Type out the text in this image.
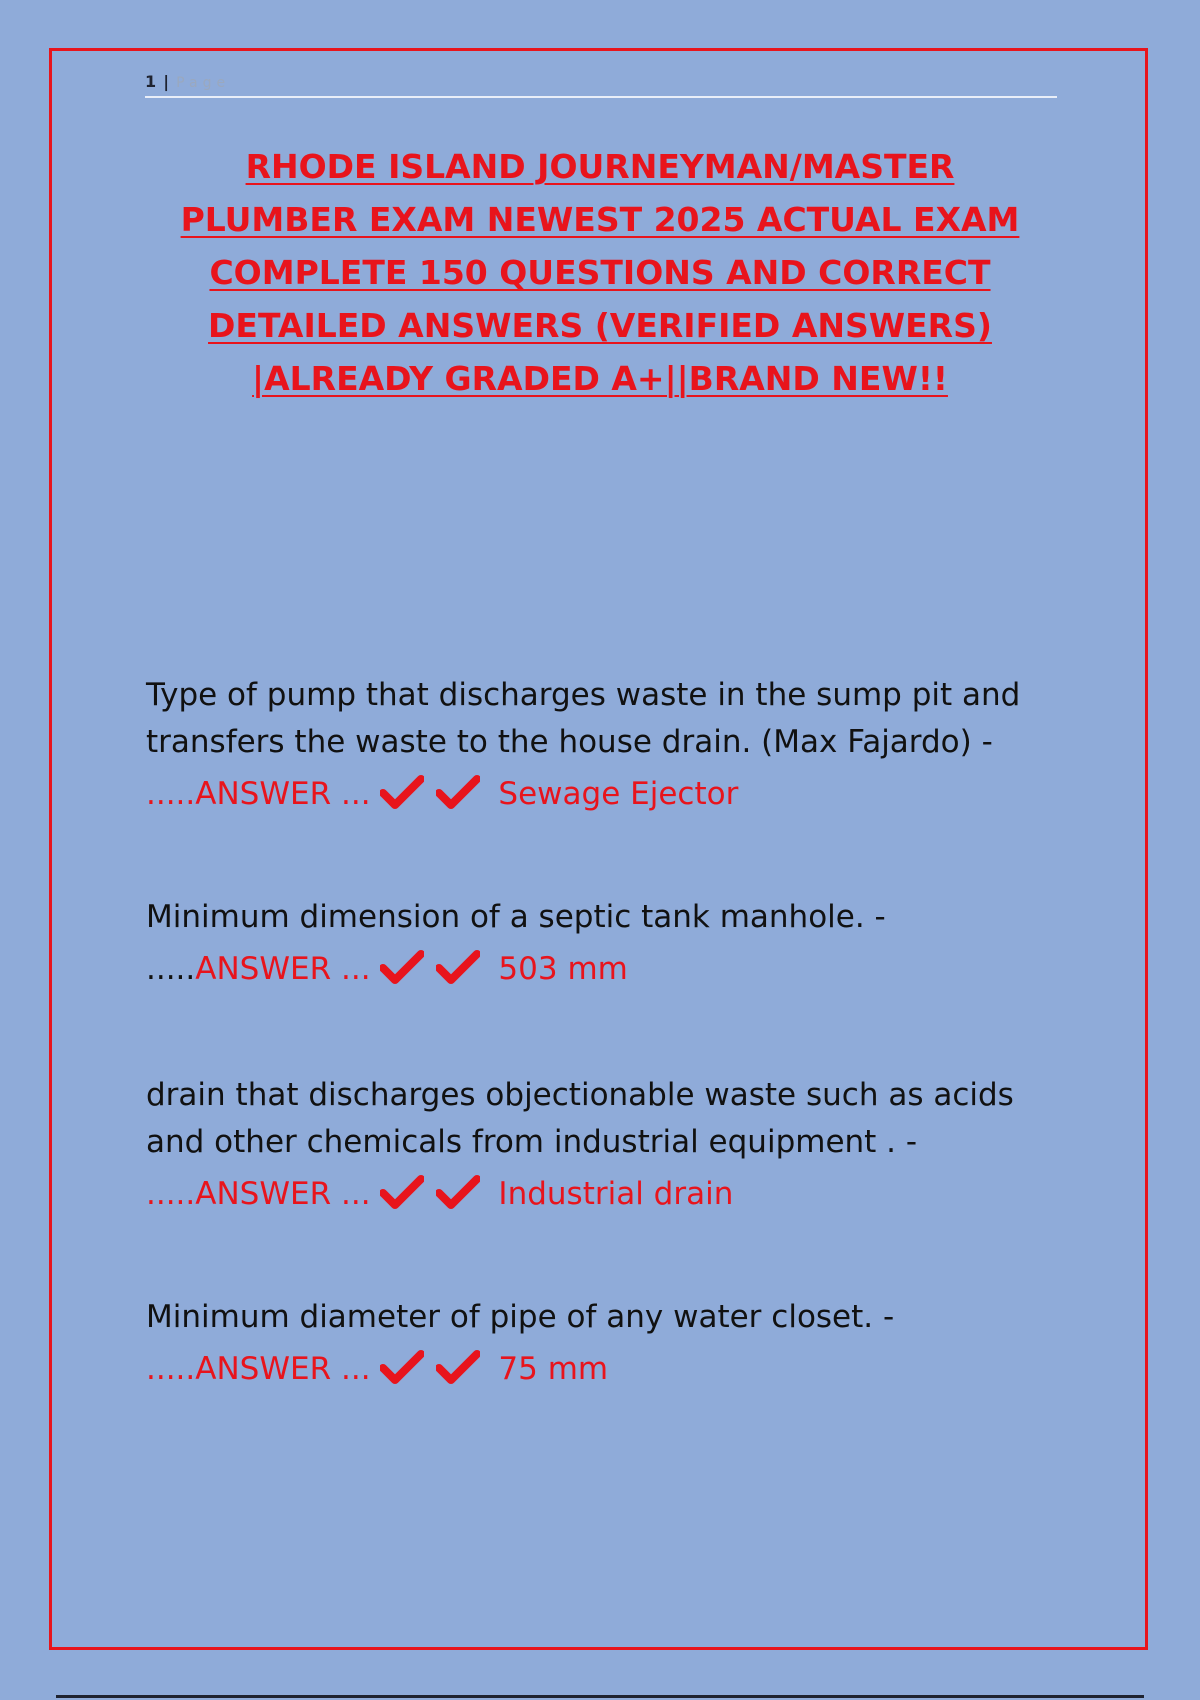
1 | Page
RHODE ISLAND JOURNEYMAN/MASTER
PLUMBER EXAM NEWEST 2025 ACTUAL EXAM
COMPLETE 150 QUESTIONS AND CORRECT
DETAILED ANSWERS (VERIFIED ANSWERS)
|ALREADY GRADED A+||BRAND NEW!!

Type of pump that discharges waste in the sump pit and transfers the waste to the house drain. (Max Fajardo) -

.....ANSWER ...	Sewage Ejector

Minimum dimension of a septic tank manhole. -

.....ANSWER ...	503 mm

drain that discharges objectionable waste such as acids and other chemicals from industrial equipment . -

.....ANSWER ...	Industrial drain

Minimum diameter of pipe of any water closet. -

.....ANSWER ...	75 mm
